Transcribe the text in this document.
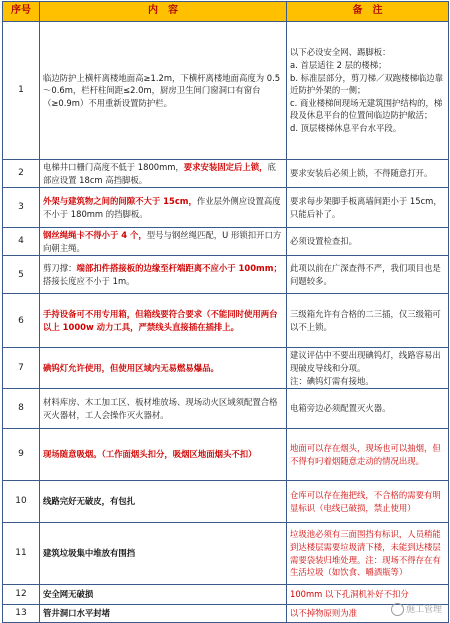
序号	内　容	备　注
1	临边防护上横杆离楼地面高≥1.2m，下横杆离楼地面高度为 0.5～0.6m，栏杆柱间距≤2.0m，厨房卫生间门窗洞口有窗台（≥0.9m）不用重新设置防护栏。	以下必设安全网、踢脚板：
a. 首层适往 2 层的楼梯；
b. 标准层部分，剪刀梯／双跑楼梯临边靠近防护外架的一侧；
c. 商业楼梯间现场无建筑围护结构的，梯段及休息平台的位置间临边防护敞活；
d. 顶层楼梯休息平台水平段。

2	电梯井口栅门高度不低于 1800mm，要求安装固定后上锁，底部应设置 18cm 高挡脚板。	要求安装后必须上锁，不得随意打开。

3	外架与建筑物之间的间隙不大于 15cm，作业层外侧应设置高度不小于 180mm 的挡脚板。	要求每步架脚手板离墙间距小于 15cm，只能后补了。

4	钢丝绳绳卡不得小于 4 个，型号与钢丝绳匹配，U 形锁扣开口方向朝主绳。	必须设置检查扣。

5	剪刀撑：端部扣件搭接板的边缘至杆端距离不应小于 100mm；搭接长度应不小于 1m。	此项以前在广深查得不严，我们项目也是问题较多。

6	手持设备可不用专用箱，但箱线要符合要求（不能同时使用两台以上 1000w 动力工具，严禁线头直接插在插排上。	三级箱允许有合格的二三插，仅三级箱可以不上锁。

7	碘钨灯允许使用，但使用区域内无易燃易爆品。	建议评估中不要出现碘钨灯，线路容易出现破皮导线和分项。
注：碘钨灯需有接地。

8	材料库房、木工加工区、板材堆放场、现场动火区域须配置合格灭火器材，工人会操作灭火器材。	电箱旁边必须配置灭火器。

9	现场随意吸烟。（工作面烟头扣分，吸烟区地面烟头不扣）	地面可以存在烟头，现场也可以抽烟，但不得有叼着烟随意走动的情况出现。

10	线路完好无破皮，有包扎	仓库可以存在拖把线，不合格的需要有明显标识（电线已破损，禁止使用）

11	建筑垃圾集中堆放有围挡	垃圾池必须有三面围挡有标识，人员稍能到达楼层需要垃圾清下楼，未能到达楼层需要袋装归堆处理。注：现场不得存在有生活垃圾（如饮食、嚼酒瓶等）

12	安全网无破损	100mm 以下孔洞机补好不扣分

13	管井洞口水平封堵	以不掉物原则为准	施工管理
